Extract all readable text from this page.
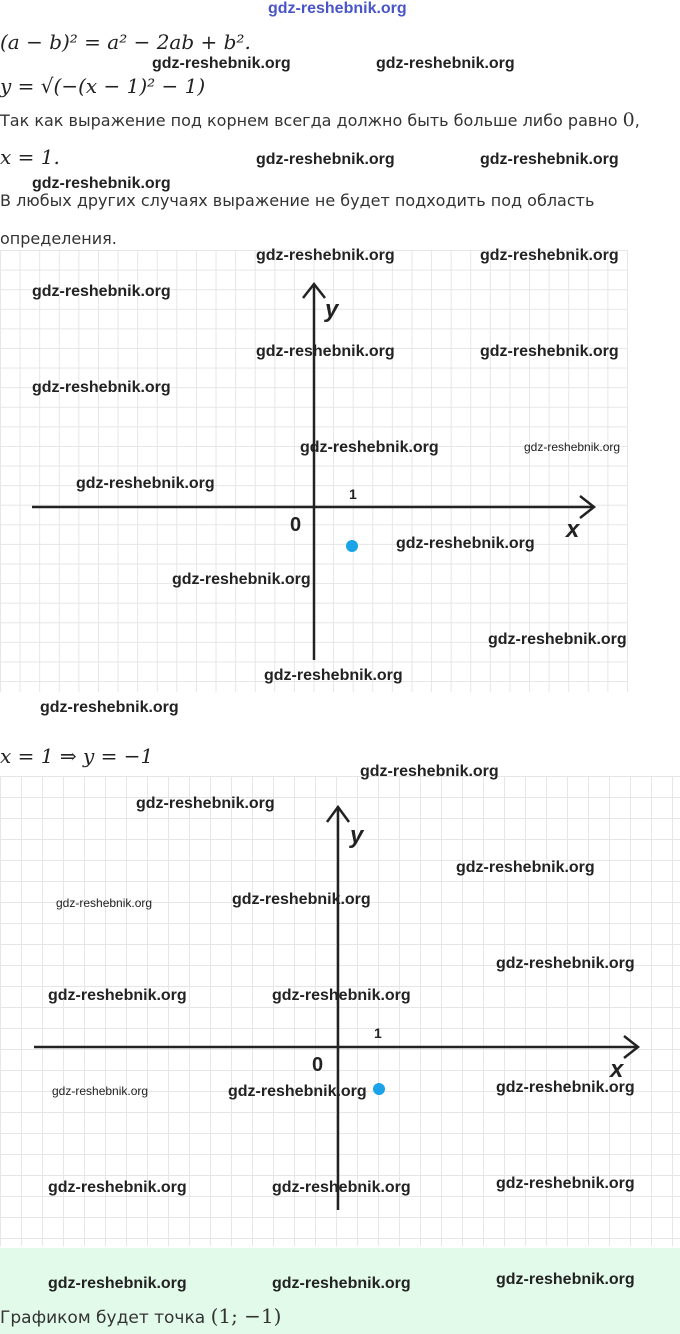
gdz-reshebnik.org
(a − b)² = a² − 2ab + b².
y = √(−(x − 1)² − 1)
Так как выражение под корнем всегда должно быть больше либо равно 0,
x = 1.
В любых других случаях выражение не будет подходить под область
определения.
y
x
0
1
x = 1 ⇒ y = −1
y
x
0
1
Графиком будет точка (1; −1)
gdz-reshebnik.org	gdz-reshebnik.org
gdz-reshebnik.org	gdz-reshebnik.org
gdz-reshebnik.org
gdz-reshebnik.org	gdz-reshebnik.org
gdz-reshebnik.org
gdz-reshebnik.org	gdz-reshebnik.org
gdz-reshebnik.org
gdz-reshebnik.org	gdz-reshebnik.org
gdz-reshebnik.org
gdz-reshebnik.org
gdz-reshebnik.org
gdz-reshebnik.org
gdz-reshebnik.org
gdz-reshebnik.org
gdz-reshebnik.org
gdz-reshebnik.org
gdz-reshebnik.org
gdz-reshebnik.org	gdz-reshebnik.org
gdz-reshebnik.org
gdz-reshebnik.org	gdz-reshebnik.org
gdz-reshebnik.org	gdz-reshebnik.org	gdz-reshebnik.org
gdz-reshebnik.org	gdz-reshebnik.org	gdz-reshebnik.org
gdz-reshebnik.org	gdz-reshebnik.org	gdz-reshebnik.org
